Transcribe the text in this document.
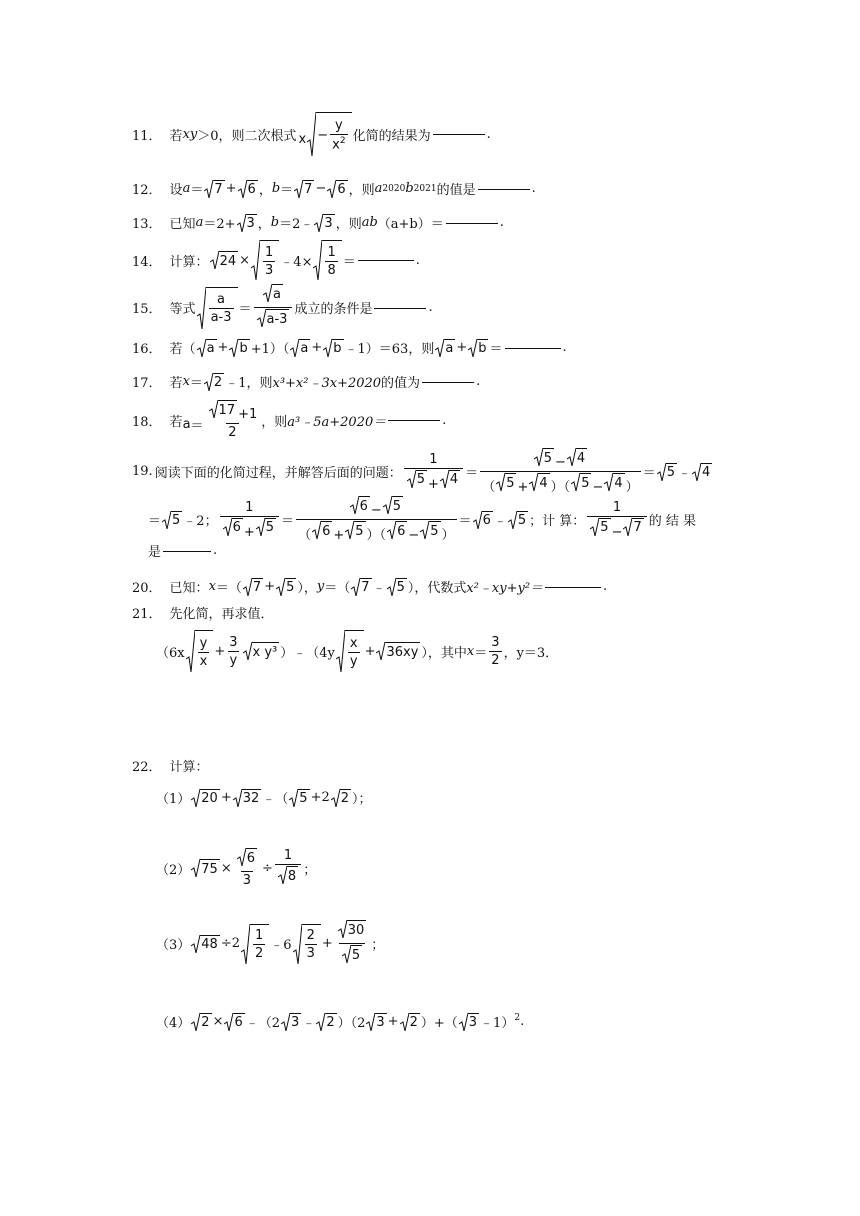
11． 若 xy ＞0，则二次根式 $x - \frac{y}{x^2}$ 化简的结果为	.
12． 设 a ＝ 7 + 6 ， b ＝ 7 − 6 ，则 a 2020 b 2021 的值是	.
13． 已知 a ＝2+ 3 ， b ＝2﹣ 3 ，则 ab （a+b）＝	.
14． 计算： $24 \times \frac{1}{3}$ ﹣4× $\frac{1}{8}$ ＝	.
15． 等式 $\frac{a}{a-3} = \frac{a}{a-3}$ 成立的条件是	.
16． 若（ a + b +1）（ a + b ﹣1）＝63，则 a + b ＝	.
17． 若 x ＝ 2 ﹣1，则 x³+x²﹣3x+2020 的值为	.
18． 若 $a = \frac{17 +1}{2}$ ，则 a³﹣5a+2020＝	.
19. 阅读下面的化简过程，并解答后面的问题： $\frac{1}{5 + 4} = \frac{5 - 4}{( 5 + 4 )( 5 - 4 )} = 5$ ﹣ 4
＝ 5 ﹣2； $\frac{1}{6 + 5} = \frac{6 - 5}{( 6 + 5 )( 6 - 5 )} = 6$ ﹣ 5 ；计 算： $\frac{1}{5 - 7}$ 的 结 果
是	.
20． 已知： x ＝（ 7 + 5 ）， y ＝（ 7 ﹣ 5 ），代数式 x²﹣xy+y²＝	.
21． 先化简，再求值．
（$6x \frac{y}{x} + \frac{3}{y}$ x y³ ）﹣（4y $\frac{x}{y} + 36xy$ ），其中 $x = \frac{3}{2}$ ，y＝3．
22． 计算：
（1） 20 + 32 ﹣（ 5 +2 2 ）；
（2） $75 \times \frac{6}{3} \div \frac{1}{8}$ ；
（3） $48 \div 2 \frac{1}{2}$ ﹣6 $\frac{2}{3} + \frac{30}{5}$ ；
（4） 2 × 6 ﹣（2 3 ﹣ 2 ）（2 3 + 2 ）+（ 3 ﹣1）$^2$ .
